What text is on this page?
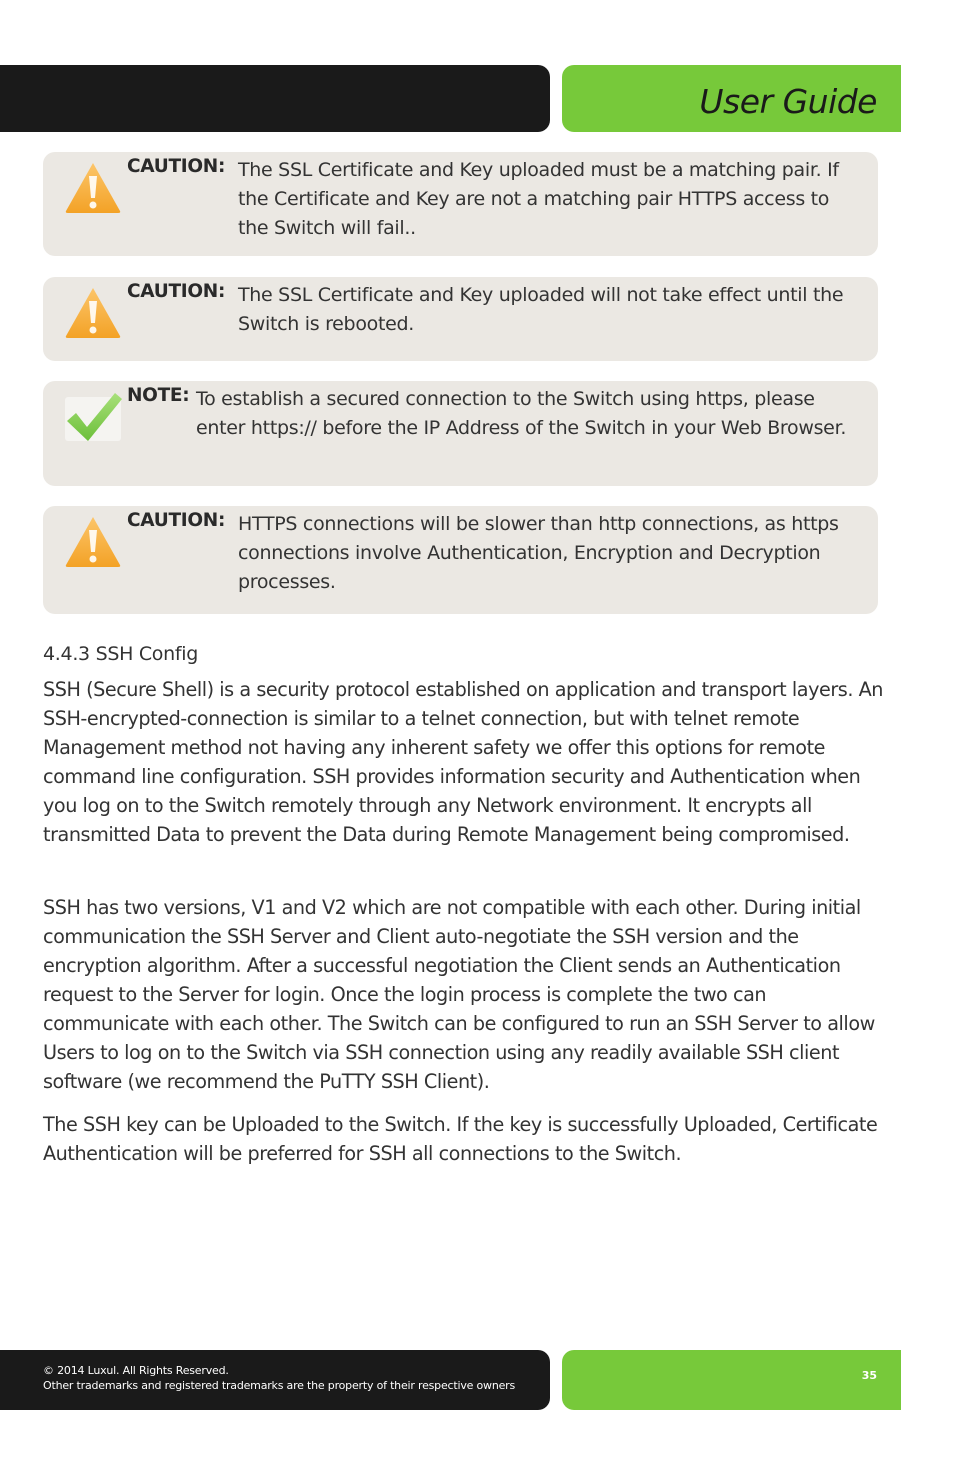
User Guide
CAUTION: The SSL Certificate and Key uploaded must be a matching pair. If the Certificate and Key are not a matching pair HTTPS access to the Switch will fail..
CAUTION: The SSL Certificate and Key uploaded will not take effect until the Switch is rebooted.
NOTE: To establish a secured connection to the Switch using https, please enter https:// before the IP Address of the Switch in your Web Browser.
CAUTION: HTTPS connections will be slower than http connections, as https connections involve Authentication, Encryption and Decryption processes.
4.4.3 SSH Config

SSH (Secure Shell) is a security protocol established on application and transport layers. An SSH-encrypted-connection is similar to a telnet connection, but with telnet remote Management method not having any inherent safety we offer this options for remote command line configuration. SSH provides information security and Authentication when you log on to the Switch remotely through any Network environment. It encrypts all transmitted Data to prevent the Data during Remote Management being compromised.

SSH has two versions, V1 and V2 which are not compatible with each other. During initial communication the SSH Server and Client auto-negotiate the SSH version and the encryption algorithm. After a successful negotiation the Client sends an Authentication request to the Server for login. Once the login process is complete the two can communicate with each other. The Switch can be configured to run an SSH Server to allow Users to log on to the Switch via SSH connection using any readily available SSH client software (we recommend the PuTTY SSH Client).

The SSH key can be Uploaded to the Switch. If the key is successfully Uploaded, Certificate Authentication will be preferred for SSH all connections to the Switch.

© 2014 Luxul. All Rights Reserved.
Other trademarks and registered trademarks are the property of their respective owners
35
